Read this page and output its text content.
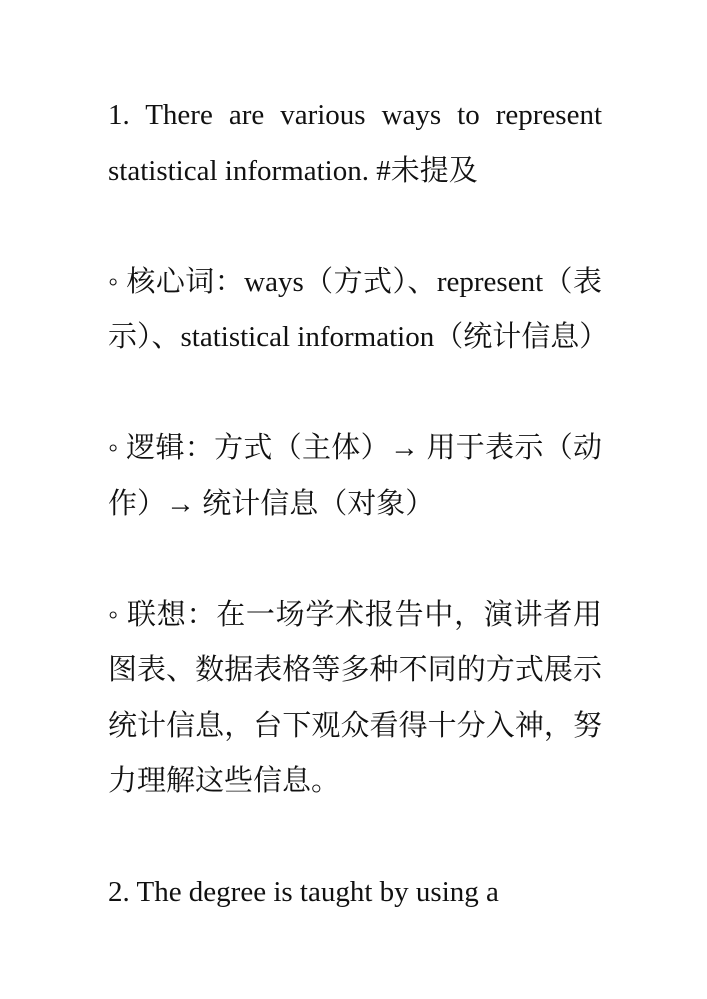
1. There are various ways to represent statistical information. #未提及

◦ 核心词：ways（方式）、represent（表示）、statistical information（统计信息）

◦ 逻辑：方式（主体）→ 用于表示（动作）→ 统计信息（对象）

◦ 联想：在一场学术报告中，演讲者用图表、数据表格等多种不同的方式展示统计信息，台下观众看得十分入神，努力理解这些信息。

2. The degree is taught by using a
